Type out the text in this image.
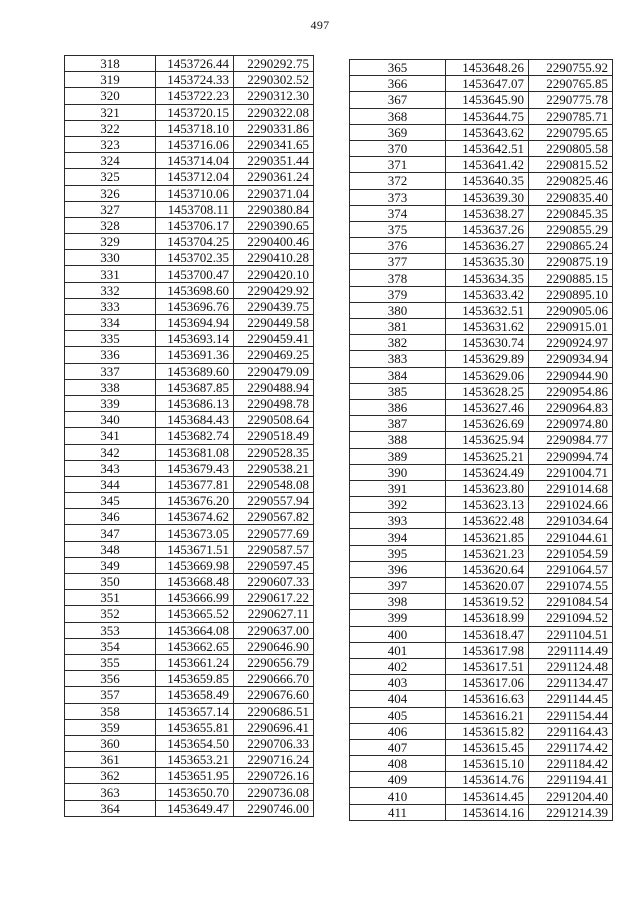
497
318	1453726.44	2290292.75
319	1453724.33	2290302.52
320	1453722.23	2290312.30
321	1453720.15	2290322.08
322	1453718.10	2290331.86
323	1453716.06	2290341.65
324	1453714.04	2290351.44
325	1453712.04	2290361.24
326	1453710.06	2290371.04
327	1453708.11	2290380.84
328	1453706.17	2290390.65
329	1453704.25	2290400.46
330	1453702.35	2290410.28
331	1453700.47	2290420.10
332	1453698.60	2290429.92
333	1453696.76	2290439.75
334	1453694.94	2290449.58
335	1453693.14	2290459.41
336	1453691.36	2290469.25
337	1453689.60	2290479.09
338	1453687.85	2290488.94
339	1453686.13	2290498.78
340	1453684.43	2290508.64
341	1453682.74	2290518.49
342	1453681.08	2290528.35
343	1453679.43	2290538.21
344	1453677.81	2290548.08
345	1453676.20	2290557.94
346	1453674.62	2290567.82
347	1453673.05	2290577.69
348	1453671.51	2290587.57
349	1453669.98	2290597.45
350	1453668.48	2290607.33
351	1453666.99	2290617.22
352	1453665.52	2290627.11
353	1453664.08	2290637.00
354	1453662.65	2290646.90
355	1453661.24	2290656.79
356	1453659.85	2290666.70
357	1453658.49	2290676.60
358	1453657.14	2290686.51
359	1453655.81	2290696.41
360	1453654.50	2290706.33
361	1453653.21	2290716.24
362	1453651.95	2290726.16
363	1453650.70	2290736.08
364	1453649.47	2290746.00
365	1453648.26	2290755.92
366	1453647.07	2290765.85
367	1453645.90	2290775.78
368	1453644.75	2290785.71
369	1453643.62	2290795.65
370	1453642.51	2290805.58
371	1453641.42	2290815.52
372	1453640.35	2290825.46
373	1453639.30	2290835.40
374	1453638.27	2290845.35
375	1453637.26	2290855.29
376	1453636.27	2290865.24
377	1453635.30	2290875.19
378	1453634.35	2290885.15
379	1453633.42	2290895.10
380	1453632.51	2290905.06
381	1453631.62	2290915.01
382	1453630.74	2290924.97
383	1453629.89	2290934.94
384	1453629.06	2290944.90
385	1453628.25	2290954.86
386	1453627.46	2290964.83
387	1453626.69	2290974.80
388	1453625.94	2290984.77
389	1453625.21	2290994.74
390	1453624.49	2291004.71
391	1453623.80	2291014.68
392	1453623.13	2291024.66
393	1453622.48	2291034.64
394	1453621.85	2291044.61
395	1453621.23	2291054.59
396	1453620.64	2291064.57
397	1453620.07	2291074.55
398	1453619.52	2291084.54
399	1453618.99	2291094.52
400	1453618.47	2291104.51
401	1453617.98	2291114.49
402	1453617.51	2291124.48
403	1453617.06	2291134.47
404	1453616.63	2291144.45
405	1453616.21	2291154.44
406	1453615.82	2291164.43
407	1453615.45	2291174.42
408	1453615.10	2291184.42
409	1453614.76	2291194.41
410	1453614.45	2291204.40
411	1453614.16	2291214.39
